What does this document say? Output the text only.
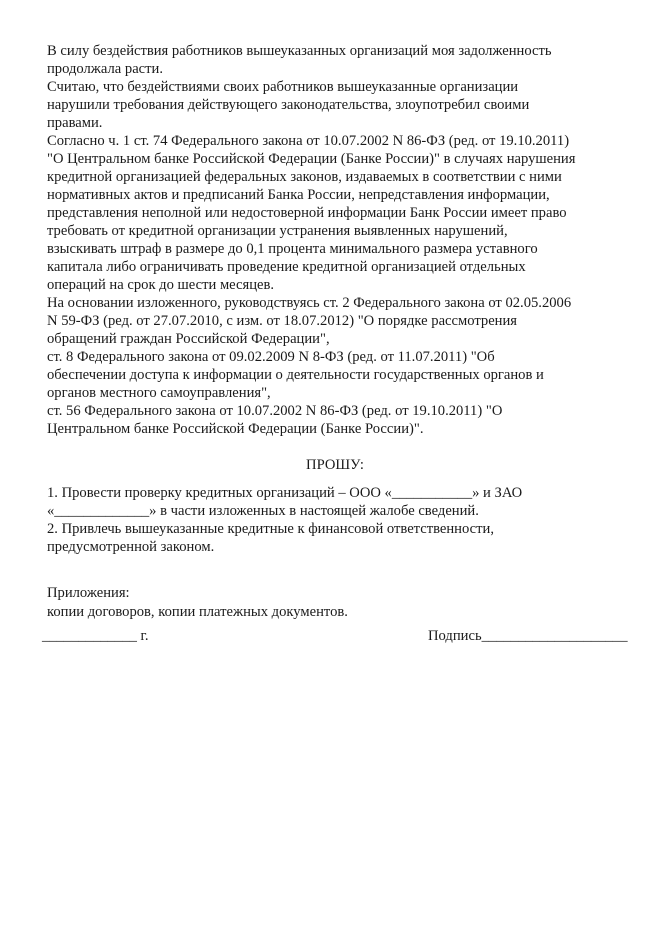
В силу бездействия работников вышеуказанных организаций моя задолженность
продолжала расти.
Считаю, что бездействиями своих работников вышеуказанные организации
нарушили требования действующего законодательства, злоупотребил своими
правами.
Согласно ч. 1 ст. 74 Федерального закона от 10.07.2002 N 86-ФЗ (ред. от 19.10.2011)
"О Центральном банке Российской Федерации (Банке России)" в случаях нарушения
кредитной организацией федеральных законов, издаваемых в соответствии с ними
нормативных актов и предписаний Банка России, непредставления информации,
представления неполной или недостоверной информации Банк России имеет право
требовать от кредитной организации устранения выявленных нарушений,
взыскивать штраф в размере до 0,1 процента минимального размера уставного
капитала либо ограничивать проведение кредитной организацией отдельных
операций на срок до шести месяцев.
На основании изложенного, руководствуясь ст. 2 Федерального закона от 02.05.2006
N 59-ФЗ (ред. от 27.07.2010, с изм. от 18.07.2012) "О порядке рассмотрения
обращений граждан Российской Федерации",
ст. 8 Федерального закона от 09.02.2009 N 8-ФЗ (ред. от 11.07.2011) "Об
обеспечении доступа к информации о деятельности государственных органов и
органов местного самоуправления",
ст. 56 Федерального закона от 10.07.2002 N 86-ФЗ (ред. от 19.10.2011) "О
Центральном банке Российской Федерации (Банке России)".
ПРОШУ:
1. Провести проверку кредитных организаций – ООО «___________» и ЗАО
«_____________» в части изложенных в настоящей жалобе сведений.
2. Привлечь вышеуказанные кредитные к финансовой ответственности,
предусмотренной законом.
Приложения:
копии договоров, копии платежных документов.
_____________ г.	Подпись____________________
